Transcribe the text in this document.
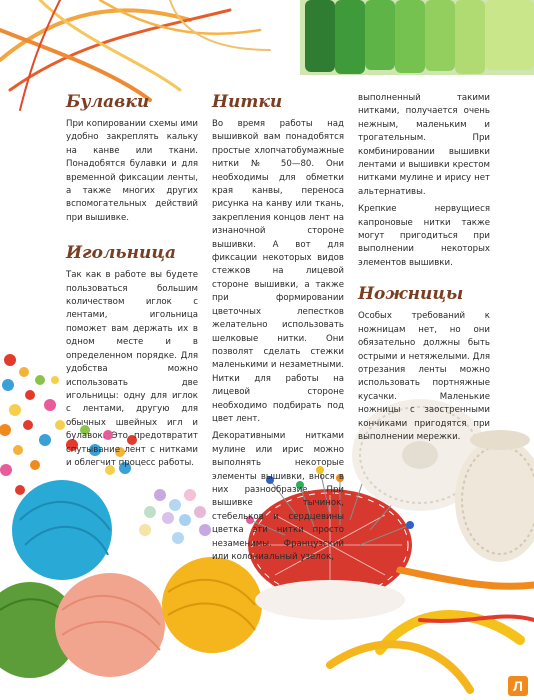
Булавки

При копировании схемы ими удобно закреплять кальку на канве или ткани. Понадобятся булавки и для временной фиксации ленты, а также многих других вспомогательных действий при вышивке.

Игольница

Так как в работе вы будете пользоваться большим количеством иглок с лентами, игольница поможет вам держать их в одном месте и в определенном порядке. Для удобства можно использовать две игольницы: одну для иглок с лентами, другую для обычных швейных игл и булавок. Это предотвратит спутывание лент с нитками и облегчит процесс работы.

Нитки

Во время работы над вышивкой вам понадобятся простые хлопчатобумажные нитки № 50—80. Они необходимы для обметки края канвы, переноса рисунка на канву или ткань, закрепления концов лент на изнаночной стороне вышивки. А вот для фиксации некоторых видов стежков на лицевой стороне вышивки, а также при формировании цветочных лепестков желательно использовать шелковые нитки. Они позволят сделать стежки маленькими и незаметными. Нитки для работы на лицевой стороне необходимо подбирать под цвет лент.

Декоративными нитками мулине или ирис можно выполнять некоторые элементы вышивки, внося в них разнообразие. При вышивке тычинок, стебельков и сердцевины цветка эти нитки просто незаменимы. Французский или колониальный узелок,

выполненный такими нитками, получается очень нежным, маленьким и трогательным. При комбинировании вышивки лентами и вышивки крестом нитками мулине и ирису нет альтернативы.

Крепкие нервущиеся капроновые нитки также могут пригодиться при выполнении некоторых элементов вышивки.

Ножницы

Особых требований к ножницам нет, но они обязательно должны быть острыми и нетяжелыми. Для отрезания ленты можно использовать портняжные кусачки. Маленькие ножницы с заостренными кончиками пригодятся при выполнении мережки.

Л
